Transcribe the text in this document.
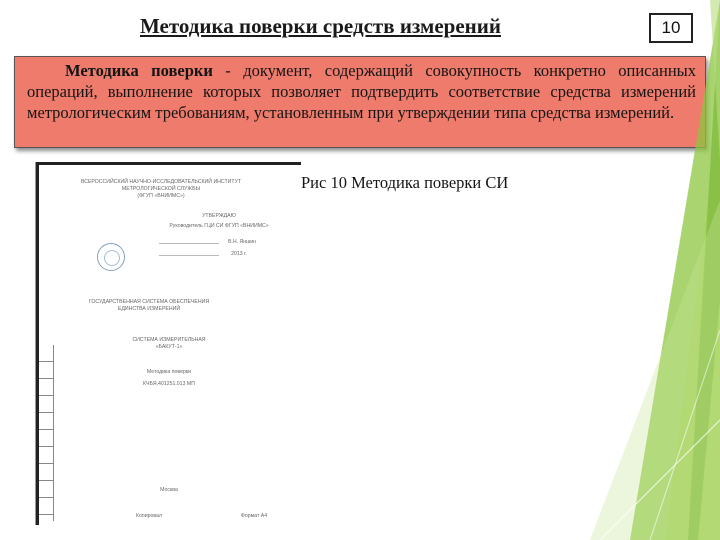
Методика поверки средств измерений	10
Методика поверки - документ, содержащий совокупность конкретно описанных операций, выполнение которых позволяет подтвердить соответствие средства измерений метрологическим требованиям, установленным при утверждении типа средства измерений.
ВСЕРОССИЙСКИЙ НАУЧНО-ИССЛЕДОВАТЕЛЬСКИЙ ИНСТИТУТ
МЕТРОЛОГИЧЕСКОЙ СЛУЖБЫ
(ФГУП «ВНИИМС»)
УТВЕРЖДАЮ
Руководитель ГЦИ СИ ФГУП «ВНИИМС»
В.Н. Яншин
2013 г.
ГОСУДАРСТВЕННАЯ СИСТЕМА ОБЕСПЕЧЕНИЯ
ЕДИНСТВА ИЗМЕРЕНИЙ
СИСТЕМА ИЗМЕРИТЕЛЬНАЯ
«БАКУТ-1»
Методика поверки
КЧБЯ.401251.013 МП
Москва
Копировал	Формат А4
Рис 10 Методика поверки СИ
